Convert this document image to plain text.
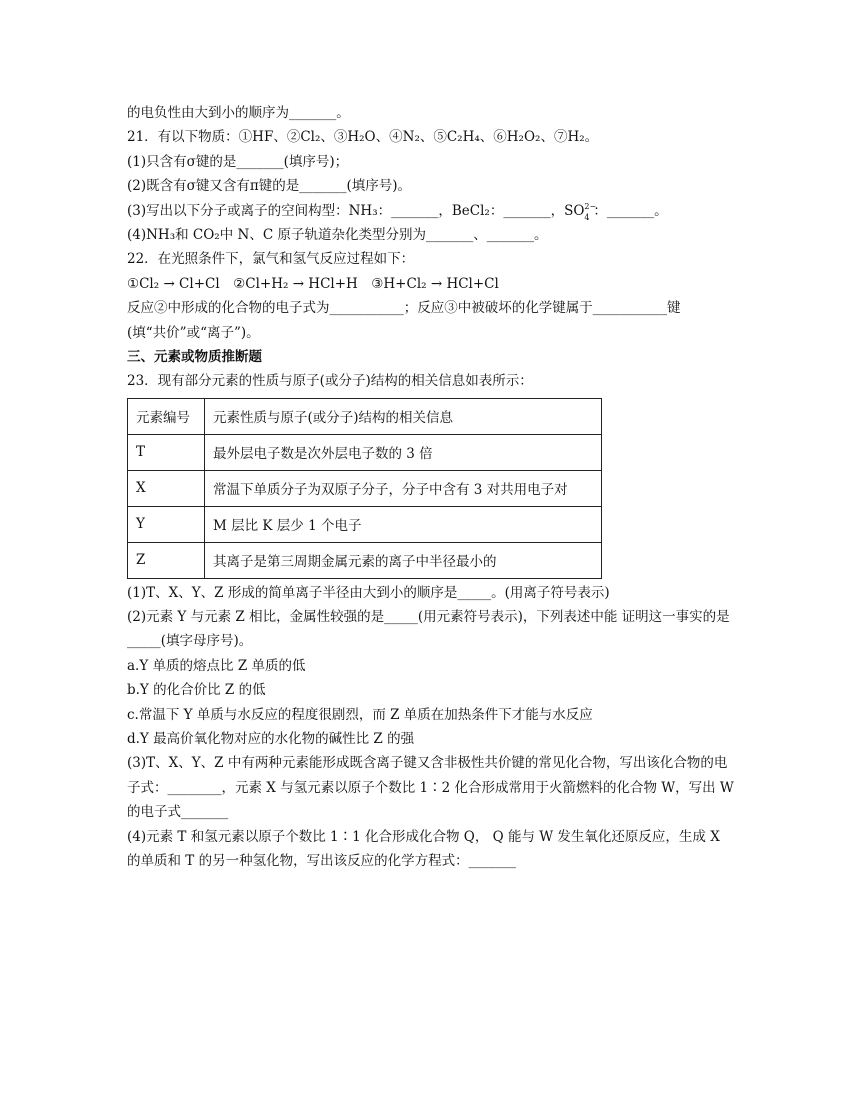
的电负性由大到小的顺序为_______。
21．有以下物质：①HF、②Cl₂、③H₂O、④N₂、⑤C₂H₄、⑥H₂O₂、⑦H₂。
(1)只含有σ键的是_______(填序号)；
(2)既含有σ键又含有π键的是_______(填序号)。
(3)写出以下分子或离子的空间构型：NH₃：_______，BeCl₂：_______，SO 2−
4 ：_______。
(4)NH₃和 CO₂中 N、C 原子轨道杂化类型分别为_______、_______。
22．在光照条件下，氯气和氢气反应过程如下：
①Cl₂ → Cl+Cl　②Cl+H₂ → HCl+H　③H+Cl₂ → HCl+Cl
反应②中形成的化合物的电子式为___________；反应③中被破坏的化学键属于___________键
(填“共价”或“离子”)。
三、元素或物质推断题
23．现有部分元素的性质与原子(或分子)结构的相关信息如表所示：
元素编号	元素性质与原子(或分子)结构的相关信息
T	最外层电子数是次外层电子数的 3 倍
X	常温下单质分子为双原子分子，分子中含有 3 对共用电子对
Y	M 层比 K 层少 1 个电子
Z	其离子是第三周期金属元素的离子中半径最小的
(1)T、X、Y、Z 形成的简单离子半径由大到小的顺序是_____。(用离子符号表示)
(2)元素 Y 与元素 Z 相比，金属性较强的是_____(用元素符号表示)，下列表述中能 证明这一事实的是_____(填字母序号)。
a.Y 单质的熔点比 Z 单质的低
b.Y 的化合价比 Z 的低
c.常温下 Y 单质与水反应的程度很剧烈，而 Z 单质在加热条件下才能与水反应
d.Y 最高价氧化物对应的水化物的碱性比 Z 的强
(3)T、X、Y、Z 中有两种元素能形成既含离子键又含非极性共价键的常见化合物，写出该化合物的电子式：________，元素 X 与氢元素以原子个数比 1∶2 化合形成常用于火箭燃料的化合物 W，写出 W 的电子式_______
(4)元素 T 和氢元素以原子个数比 1∶1 化合形成化合物 Q， Q 能与 W 发生氧化还原反应，生成 X 的单质和 T 的另一种氢化物，写出该反应的化学方程式：_______
